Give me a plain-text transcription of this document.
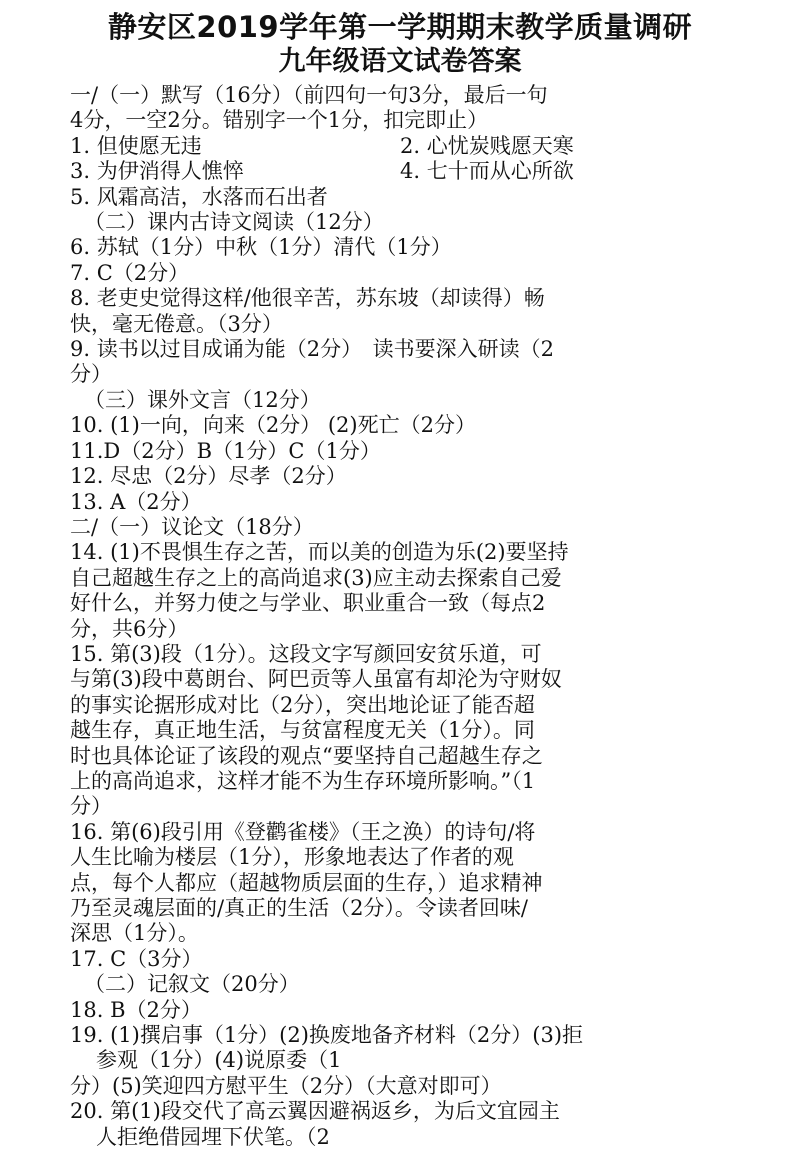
静安区2019学年第一学期期末教学质量调研
九年级语文试卷答案
一/（一）默写（16分）（前四句一句3分，最后一句
4分，一空2分。错别字一个1分，扣完即止）
1. 但使愿无违	2. 心忧炭贱愿天寒
3. 为伊消得人憔悴	4. 七十而从心所欲
5. 风霜高洁，水落而石出者
（二）课内古诗文阅读（12分）
6. 苏轼（1分）中秋（1分）清代（1分）
7. C（2分）
8. 老吏史觉得这样/他很辛苦，苏东坡（却读得）畅
快，毫无倦意。（3分）
9. 读书以过目成诵为能（2分）　读书要深入研读（2
分）
（三）课外文言（12分）
10. (1)一向，向来（2分） (2)死亡（2分）
11.D（2分）B（1分）C（1分）
12. 尽忠（2分）尽孝（2分）
13. A（2分）
二/（一）议论文（18分）
14. (1)不畏惧生存之苦，而以美的创造为乐(2)要坚持
自己超越生存之上的高尚追求(3)应主动去探索自己爱
好什么，并努力使之与学业、职业重合一致（每点2
分，共6分）
15. 第(3)段（1分）。这段文字写颜回安贫乐道，可
与第(3)段中葛朗台、阿巴贡等人虽富有却沦为守财奴
的事实论据形成对比（2分），突出地论证了能否超
越生存，真正地生活，与贫富程度无关（1分）。同
时也具体论证了该段的观点“要坚持自己超越生存之
上的高尚追求，这样才能不为生存环境所影响。”（1
分）
16. 第(6)段引用《登鹳雀楼》（王之涣）的诗句/将
人生比喻为楼层（1分），形象地表达了作者的观
点，每个人都应（超越物质层面的生存，）追求精神
乃至灵魂层面的/真正的生活（2分）。令读者回味/
深思（1分）。
17. C（3分）
（二）记叙文（20分）
18. B（2分）
19. (1)撰启事（1分）(2)换废地备齐材料（2分）(3)拒
参观（1分）(4)说原委（1
分）(5)笑迎四方慰平生（2分）（大意对即可）
20. 第(1)段交代了高云翼因避祸返乡，为后文宜园主
人拒绝借园埋下伏笔。（2
